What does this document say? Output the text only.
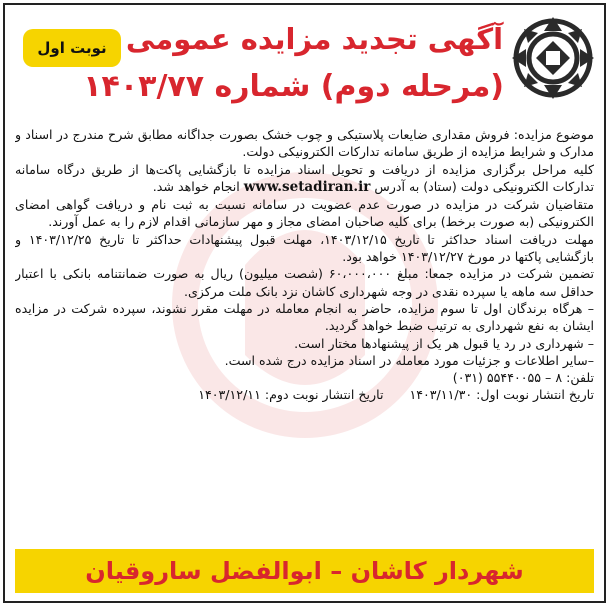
نوبت اول آگهی تجدید مزایده عمومی
(مرحله دوم) شماره ۱۴۰۳/۷۷

موضوع مزایده: فروش مقداری ضایعات پلاستیکی و چوب خشک بصورت جداگانه مطابق شرح مندرج در اسناد و مدارک و شرایط مزایده از طریق سامانه تدارکات الکترونیکی دولت.

کلیه مراحل برگزاری مزایده از دریافت و تحویل اسناد مزایده تا بازگشایی پاکت‌ها از طریق درگاه سامانه تدارکات الکترونیکی دولت (ستاد) به آدرس www.setadiran.ir انجام خواهد شد.

متقاضیان شرکت در مزایده در صورت عدم عضویت در سامانه نسبت به ثبت نام و دریافت گواهی امضای الکترونیکی (به صورت برخط) برای کلیه صاحبان امضای مجاز و مهر سازمانی اقدام لازم را به عمل آورند.

مهلت دریافت اسناد حداکثر تا تاریخ ۱۴۰۳/۱۲/۱۵، مهلت قبول پیشنهادات حداکثر تا تاریخ ۱۴۰۳/۱۲/۲۵ و بازگشایی پاکتها در مورخ ۱۴۰۳/۱۲/۲۷ خواهد بود.

تضمین شرکت در مزایده جمعا: مبلغ ۶۰،۰۰۰،۰۰۰ (شصت میلیون) ریال به صورت ضمانتنامه بانکی با اعتبار حداقل سه ماهه یا سپرده نقدی در وجه شهرداری کاشان نزد بانک ملت مرکزی.

– هرگاه برندگان اول تا سوم مزایده، حاضر به انجام معامله در مهلت مقرر نشوند، سپرده شرکت در مزایده ایشان به نفع شهرداری به ترتیب ضبط خواهد گردید.

– شهرداری در رد یا قبول هر یک از پیشنهادها مختار است.

–سایر اطلاعات و جزئیات مورد معامله در اسناد مزایده درج شده است.

تلفن: ۸ – ۵۵۴۴۰۰۵۵ (۰۳۱)

تاریخ انتشار نوبت اول: ۱۴۰۳/۱۱/۳۰
تاریخ انتشار نوبت دوم: ۱۴۰۳/۱۲/۱۱

شهردار کاشان – ابوالفضل سارو‌قیان
